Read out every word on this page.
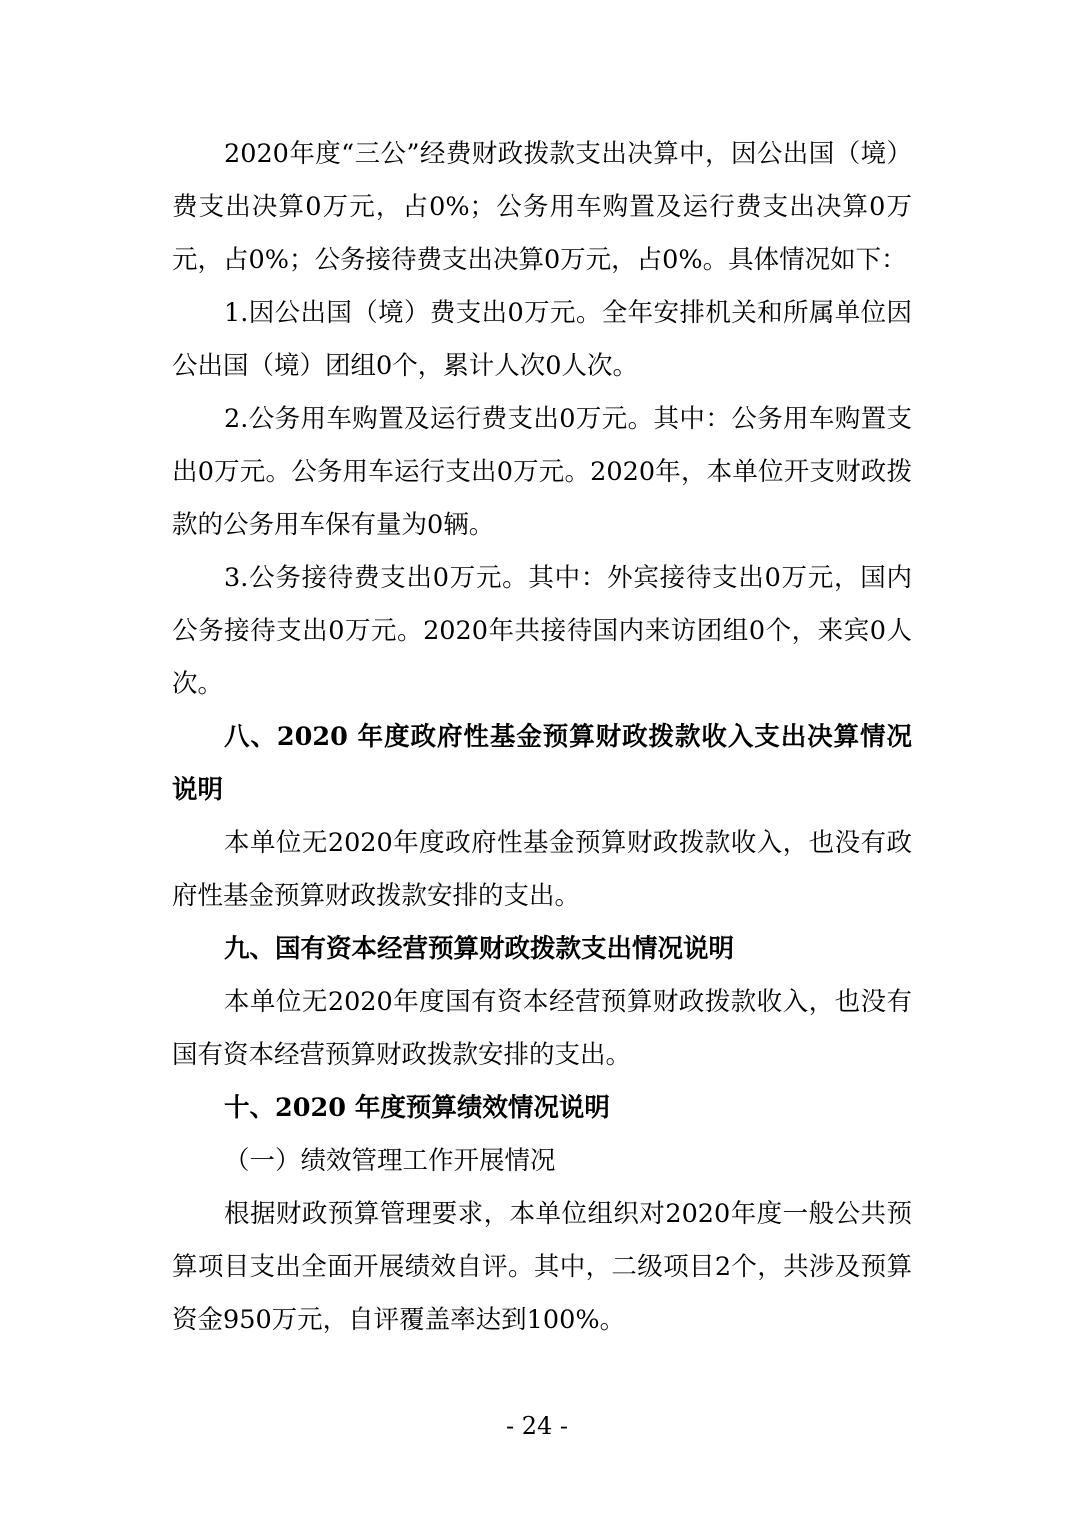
2020年度“三公”经费财政拨款支出决算中，因公出国（境）费支出决算0万元，占0%；公务用车购置及运行费支出决算0万元，占0%；公务接待费支出决算0万元，占0%。具体情况如下：

1.因公出国（境）费支出0万元。全年安排机关和所属单位因公出国（境）团组0个，累计人次0人次。

2.公务用车购置及运行费支出0万元。其中：公务用车购置支出0万元。公务用车运行支出0万元。2020年，本单位开支财政拨款的公务用车保有量为0辆。

3.公务接待费支出0万元。其中：外宾接待支出0万元，国内公务接待支出0万元。2020年共接待国内来访团组0个，来宾0人次。

八、2020 年度政府性基金预算财政拨款收入支出决算情况说明

本单位无2020年度政府性基金预算财政拨款收入，也没有政府性基金预算财政拨款安排的支出。

九、国有资本经营预算财政拨款支出情况说明

本单位无2020年度国有资本经营预算财政拨款收入，也没有国有资本经营预算财政拨款安排的支出。

十、2020 年度预算绩效情况说明

（一）绩效管理工作开展情况

根据财政预算管理要求，本单位组织对2020年度一般公共预算项目支出全面开展绩效自评。其中，二级项目2个，共涉及预算资金950万元，自评覆盖率达到100%。

- 24 -
